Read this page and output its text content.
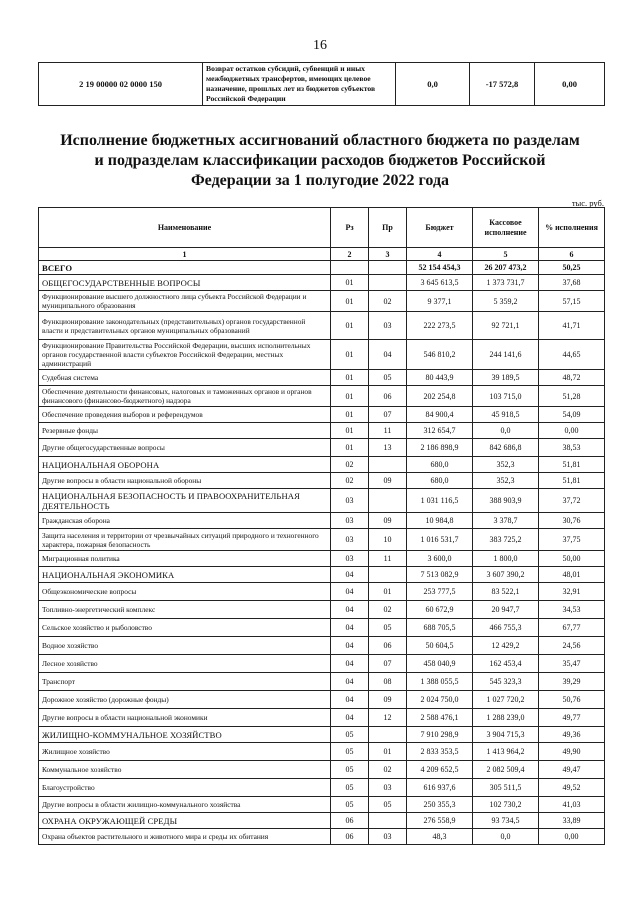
16
2 19 00000 02 0000 150	Возврат остатков субсидий, субвенций и иных межбюджетных трансфертов, имеющих целевое назначение, прошлых лет из бюджетов субъектов Российской Федерации	0,0	-17 572,8	0,00
Исполнение бюджетных ассигнований областного бюджета по разделам и подразделам классификации расходов бюджетов Российской Федерации за 1 полугодие 2022 года
тыс. руб.
Наименование	Рз	Пр	Бюджет	Кассовое исполнение	% исполнения
1	2	3	4	5	6
ВСЕГО			52 154 454,3	26 207 473,2	50,25
ОБЩЕГОСУДАРСТВЕННЫЕ ВОПРОСЫ	01		3 645 613,5	1 373 731,7	37,68
Функционирование высшего должностного лица субъекта Российской Федерации и муниципального образования	01	02	9 377,1	5 359,2	57,15
Функционирование законодательных (представительных) органов государственной власти и представительных органов муниципальных образований	01	03	222 273,5	92 721,1	41,71
Функционирование Правительства Российской Федерации, высших исполнительных органов государственной власти субъектов Российской Федерации, местных администраций	01	04	546 810,2	244 141,6	44,65
Судебная система	01	05	80 443,9	39 189,5	48,72
Обеспечение деятельности финансовых, налоговых и таможенных органов и органов финансового (финансово-бюджетного) надзора	01	06	202 254,8	103 715,0	51,28
Обеспечение проведения выборов и референдумов	01	07	84 900,4	45 918,5	54,09
Резервные фонды	01	11	312 654,7	0,0	0,00
Другие общегосударственные вопросы	01	13	2 186 898,9	842 686,8	38,53
НАЦИОНАЛЬНАЯ ОБОРОНА	02		680,0	352,3	51,81
Другие вопросы в области национальной обороны	02	09	680,0	352,3	51,81
НАЦИОНАЛЬНАЯ БЕЗОПАСНОСТЬ И ПРАВООХРАНИТЕЛЬНАЯ ДЕЯТЕЛЬНОСТЬ	03		1 031 116,5	388 903,9	37,72
Гражданская оборона	03	09	10 984,8	3 378,7	30,76
Защита населения и территории от чрезвычайных ситуаций природного и техногенного характера, пожарная безопасность	03	10	1 016 531,7	383 725,2	37,75
Миграционная политика	03	11	3 600,0	1 800,0	50,00
НАЦИОНАЛЬНАЯ ЭКОНОМИКА	04		7 513 082,9	3 607 390,2	48,01
Общеэкономические вопросы	04	01	253 777,5	83 522,1	32,91
Топливно-энергетический комплекс	04	02	60 672,9	20 947,7	34,53
Сельское хозяйство и рыболовство	04	05	688 705,5	466 755,3	67,77
Водное хозяйство	04	06	50 604,5	12 429,2	24,56
Лесное хозяйство	04	07	458 040,9	162 453,4	35,47
Транспорт	04	08	1 388 055,5	545 323,3	39,29
Дорожное хозяйство (дорожные фонды)	04	09	2 024 750,0	1 027 720,2	50,76
Другие вопросы в области национальной экономики	04	12	2 588 476,1	1 288 239,0	49,77
ЖИЛИЩНО-КОММУНАЛЬНОЕ ХОЗЯЙСТВО	05		7 910 298,9	3 904 715,3	49,36
Жилищное хозяйство	05	01	2 833 353,5	1 413 964,2	49,90
Коммунальное хозяйство	05	02	4 209 652,5	2 082 509,4	49,47
Благоустройство	05	03	616 937,6	305 511,5	49,52
Другие вопросы в области жилищно-коммунального хозяйства	05	05	250 355,3	102 730,2	41,03
ОХРАНА ОКРУЖАЮЩЕЙ СРЕДЫ	06		276 558,9	93 734,5	33,89
Охрана объектов растительного и животного мира и среды их обитания	06	03	48,3	0,0	0,00
